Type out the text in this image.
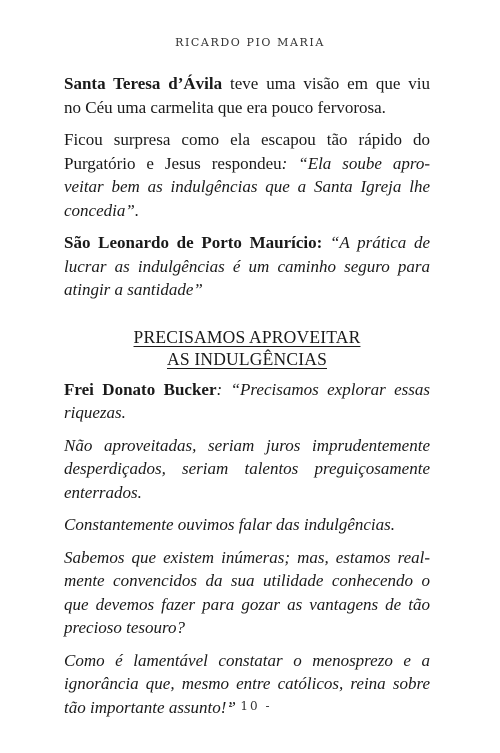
RICARDO PIO MARIA

Santa Teresa d’Ávila teve uma visão em que viu
no Céu uma carmelita que era pouco fervorosa.

Ficou surpresa como ela escapou tão rápido do
Purgatório e Jesus respondeu: “Ela soube apro-
veitar bem as indulgências que a Santa Igreja lhe
concedia”.

São Leonardo de Porto Maurício: “A prática de
lucrar as indulgências é um caminho seguro para
atingir a santidade”

PRECISAMOS APROVEITAR
AS INDULGÊNCIAS

Frei Donato Bucker: “Precisamos explorar essas
riquezas.

Não aproveitadas, seriam juros imprudentemente
desperdiçados, seriam talentos preguiçosamente
enterrados.

Constantemente ouvimos falar das indulgências.

Sabemos que existem inúmeras; mas, estamos real-
mente convencidos da sua utilidade conhecendo o
que devemos fazer para gozar as vantagens de tão
precioso tesouro?

Como é lamentável constatar o menosprezo e a
ignorância que, mesmo entre católicos, reina sobre
tão importante assunto!”

- 10 -
